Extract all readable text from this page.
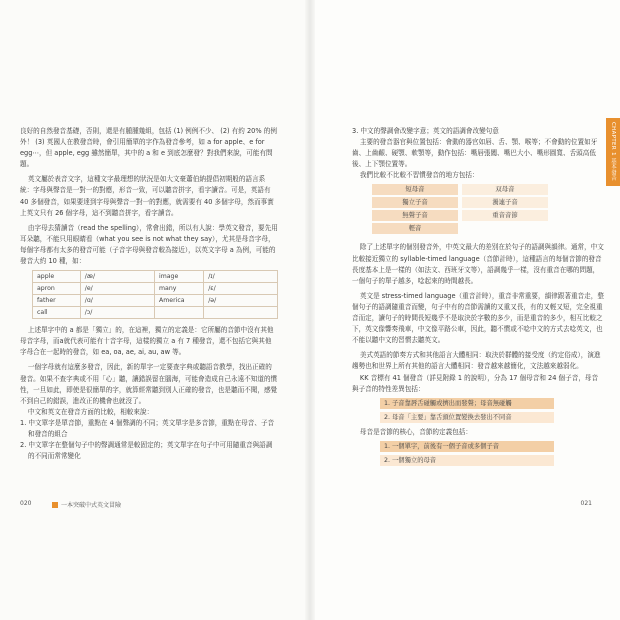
良好的自然發音基礎，否則，還是有腫腫幾組，包括 (1) 例例不少、 (2) 有約 20% 的例外！ (3) 英國人在教發音時，會引用簡單的字作為發音參考，如 a for apple、e for egg⋯，但 apple, egg 雖然簡單，其中的 a 和 e 到底怎麼發？對我們來說，可能有問題。

英文屬於表音文字，這種文字最理想的狀況是如大文豪蕭伯納提倡初期般的語言系統：字母與聲音是一對一的對應，形音一致，可以聽音拼字，看字讀音。可是，英語有 40 多個發音，如果要達到字母與聲音一對一的對應，就需要有 40 多個字母，然而事實上英文只有 26 個字母，這不到聽音拼字，看字讀音。

由字母去猜讀音（read the spelling），常會出錯，所以有人說：學英文發音，要先用耳朵聽，不能只用眼睛看（what you see is not what they say），尤其是母音字母，每個字母都有太多的發音可能（子音字母與發音較為接近），以英文字母 a 為例，可能的發音大約 10 種，如：

apple	/æ/	image	/ɪ/
apron	/e/	many	/ɛ/
father	/ɑ/	America	/ə/
call	/ɔ/		

上述單字中的 a 都是「獨立」的，在這裡，獨立的定義是：它所屬的音節中沒有其他母音字母，而a就代表可能有十音字母，這樣的獨立 a 有 7 種發音，還不包括它與其他字母合在一起時的發音，如 ea, oa, ae, ai, au, aw 等。

一個字母就有這麼多發音，因此，新的單字一定要查字典或聽語音教學，找出正確的發音。如果不查字典或不用「心」聽，讓錯誤留在腦海，可能會造成自己永遠不知道的慣性，一旦如此，即使是很簡單的字，就算經常聽到別人正確的發音，也是聽而不聞，感覺不到自己的錯誤，進改正的機會也就沒了。

中文和英文在發音方面的比較，相較來說：

1. 中文單字是單音節，重點在 4 個聲調的不同；英文單字是多音節，重點在母音、子音和發音的組合

2. 中文單字在整個句子中的聲調通常是較固定的；英文單字在句子中可用隨重音與語調的不同而常常變化

020	一本突破中式英文冒險

3. 中文的聲調會改變字意；英文的語調會改變句意

主要的發音器官與位置包括：會動的器官如唇、舌、顎、喉等；不會動的位置如牙齒、上齒齦、硬顎、軟顎等，動作包括：嘴唇張闔、嘴巴大小、嘴形圓寬、舌頭高低後、上下顎位置等。

我們比較不比較不習慣發音的地方包括：

短母音	双母音
獨立子音	濁連子音
無聲子音	重音音節
輕音

除了上述單字的個別發音外，中英文最大的差別在於句子的語調與韻律。通常，中文比較接近獨立的 syllable-timed language（音節計時），這種語言的每個音節的發音長度基本上是一樣的（如法文、西班牙文等），語調幾乎一樣，沒有重音在哪的問題，一個句子的單子越多，唸起來的時間越長。

英文是 stress-timed language（重音計時），重音非常重要，韻律跟著重音走，整個句子的語調隨重音而變，句子中有的音節需讀的又重又長，有的又輕又短，完全視重音而定，讀句子的時間長短幾乎不是取決於字數的多少，而是重音的多少，相互比較之下，英文像響奏飛車，中文像平路公車，因此，聽不慣或不唸中文的方式去唸英文，也不能以聽中文的習慣去聽英文。

美式英語的節奏方式和其他語言大體相同：取決於群體的接受度（約定俗成），演進趨勢也和世界上所有其他的語言大體相同：發音越來越簡化，文法越來越弱化。

KK 音標有 41 個發音（詳見附錄 1 的說明），分為 17 個母音和 24 個子音，母音與子音的特性差異包括：

1. 子音靠唇舌碰觸或擠出而發聲；母音無碰觸
2. 母音「主要」靠舌頭位置變換去發出不同音

母音是音節的核心，音節的定義包括：

1. 一個單字，前後有一個子音或多個子音
2. 一個獨立的母音
021
CHAPTER 1 基本發音
